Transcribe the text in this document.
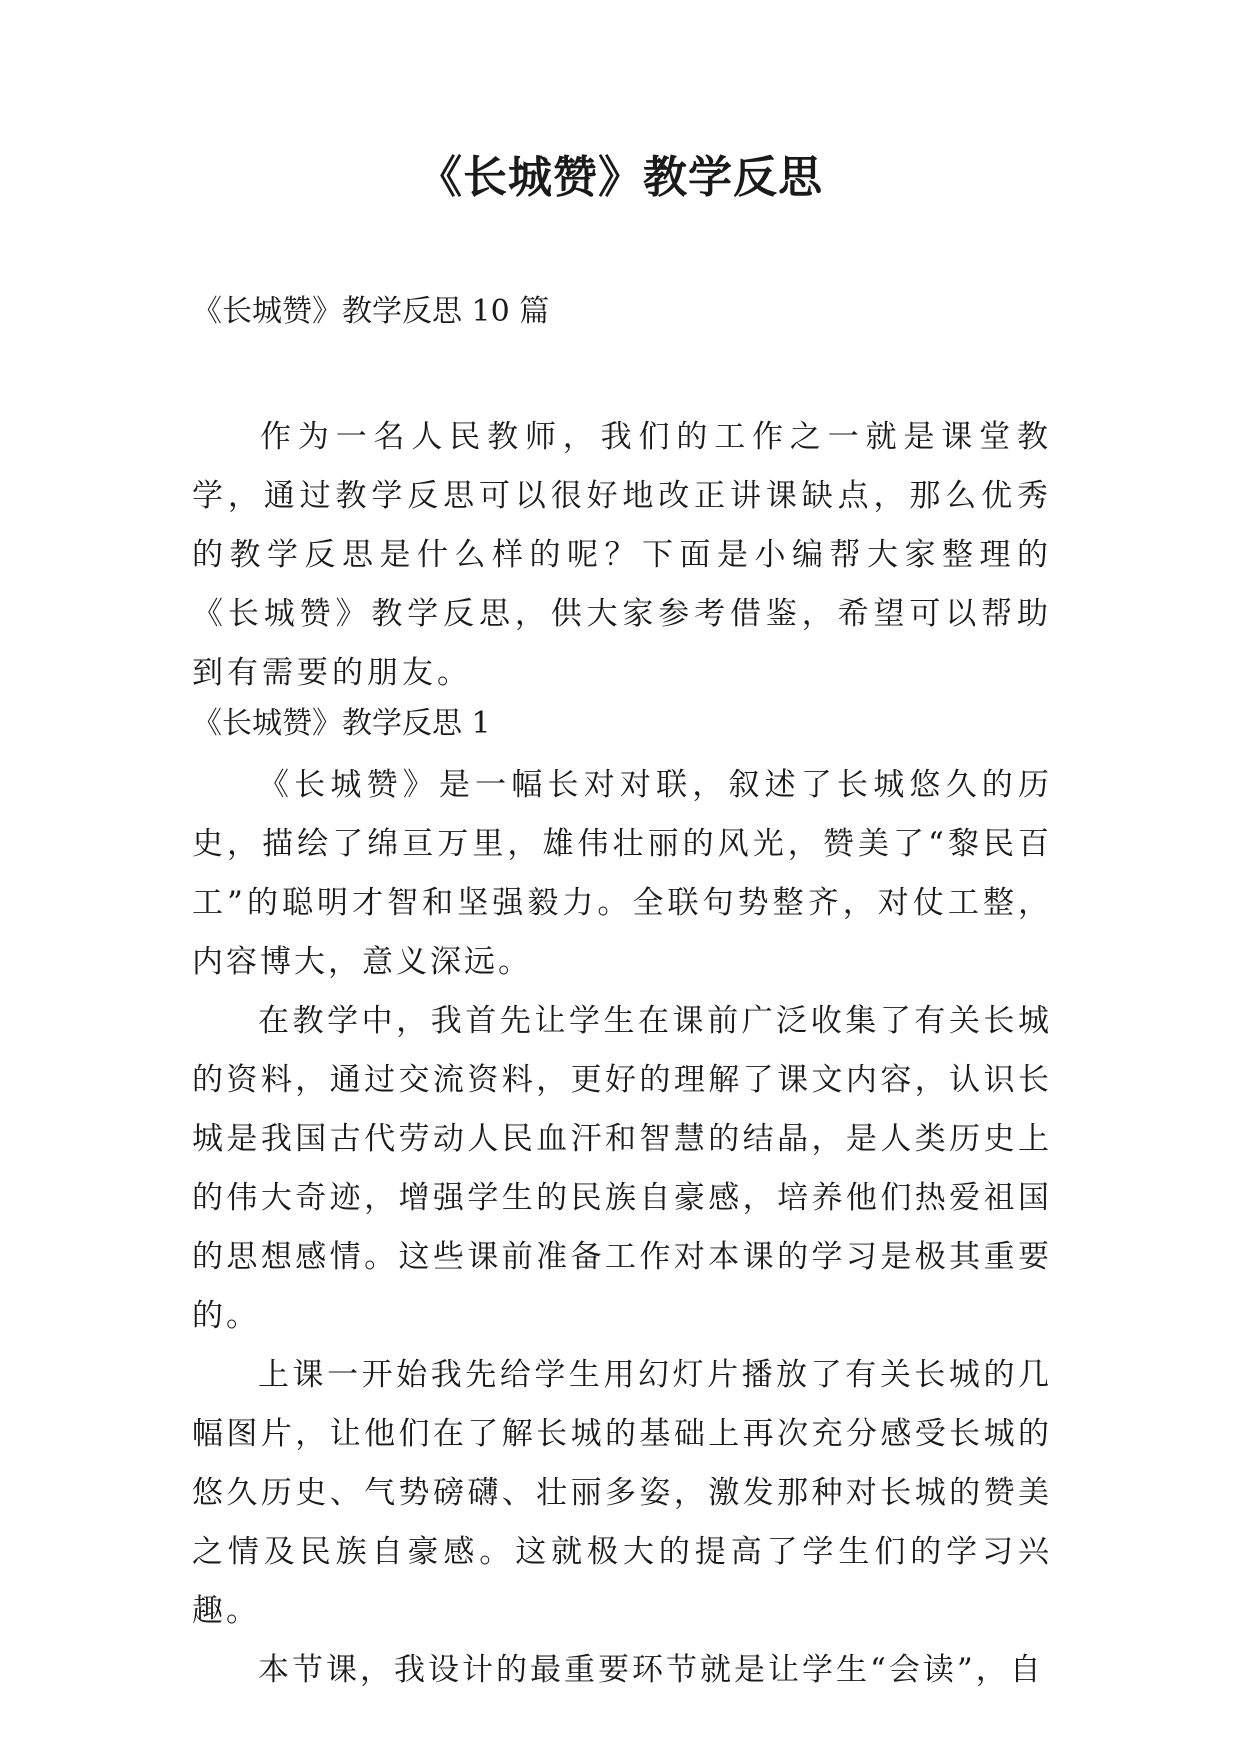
《长城赞》教学反思

《长城赞》教学反思 10 篇

作为一名人民教师，我们的工作之一就是课堂教学，通过教学反思可以很好地改正讲课缺点，那么优秀的教学反思是什么样的呢？下面是小编帮大家整理的《长城赞》教学反思，供大家参考借鉴，希望可以帮助到有需要的朋友。

《长城赞》教学反思 1

《长城赞》是一幅长对对联，叙述了长城悠久的历史，描绘了绵亘万里，雄伟壮丽的风光，赞美了“黎民百工”的聪明才智和坚强毅力。全联句势整齐，对仗工整，内容博大，意义深远。

在教学中，我首先让学生在课前广泛收集了有关长城的资料，通过交流资料，更好的理解了课文内容，认识长城是我国古代劳动人民血汗和智慧的结晶，是人类历史上的伟大奇迹，增强学生的民族自豪感，培养他们热爱祖国的思想感情。这些课前准备工作对本课的学习是极其重要的。

上课一开始我先给学生用幻灯片播放了有关长城的几幅图片，让他们在了解长城的基础上再次充分感受长城的悠久历史、气势磅礴、壮丽多姿，激发那种对长城的赞美之情及民族自豪感。这就极大的提高了学生们的学习兴趣。

本节课，我设计的最重要环节就是让学生“会读”，自
